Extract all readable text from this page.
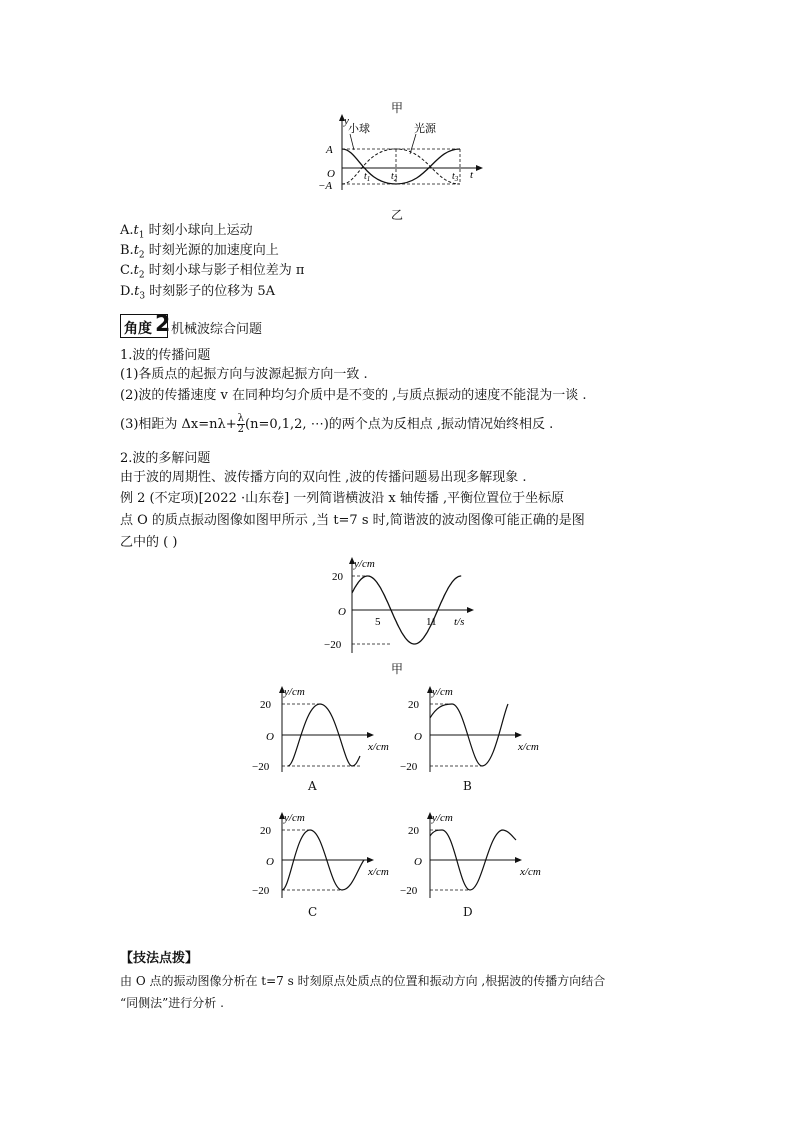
甲
y
t
A
O
−A
小球	光源
$t_1$ $t_2$	$t_3$
乙
$A.t_1$ 时刻小球向上运动
$B.t_2$ 时刻光源的加速度向上
$C.t_2$ 时刻小球与影子相位差为 π
$D.t_3$ 时刻影子的位移为 5A
角度 2 机械波综合问题
1.波的传播问题
(1)各质点的起振方向与波源起振方向一致 .
(2)波的传播速度 v 在同种均匀介质中是不变的 ,与质点振动的速度不能混为一谈 .
(3)相距为 $\Delta x=n\lambda+ \frac{\lambda}{2} (n=0,1,2$, ⋯)的两个点为反相点 ,振动情况始终相反 .
2.波的多解问题
由于波的周期性、波传播方向的双向性 ,波的传播问题易出现多解现象 .
例 2 (不定项)[2022 ·山东卷] 一列简谐横波沿 x 轴传播 ,平衡位置位于坐标原
点 O 的质点振动图像如图甲所示 ,当 t=7 s 时,简谐波的波动图像可能正确的是图
乙中的 ( )
y/cm
t/s
O
20
−20
5	11
甲
y/cm
x/cm
O
20
−20
A
y/cm
x/cm
O
20
−20
B
y/cm
x/cm
O
20
−20
C
y/cm
x/cm
O
20
−20
D
【技法点拨】
由 O 点的振动图像分析在 t=7 s 时刻原点处质点的位置和振动方向 ,根据波的传播方向结合
“同侧法”进行分析 .
